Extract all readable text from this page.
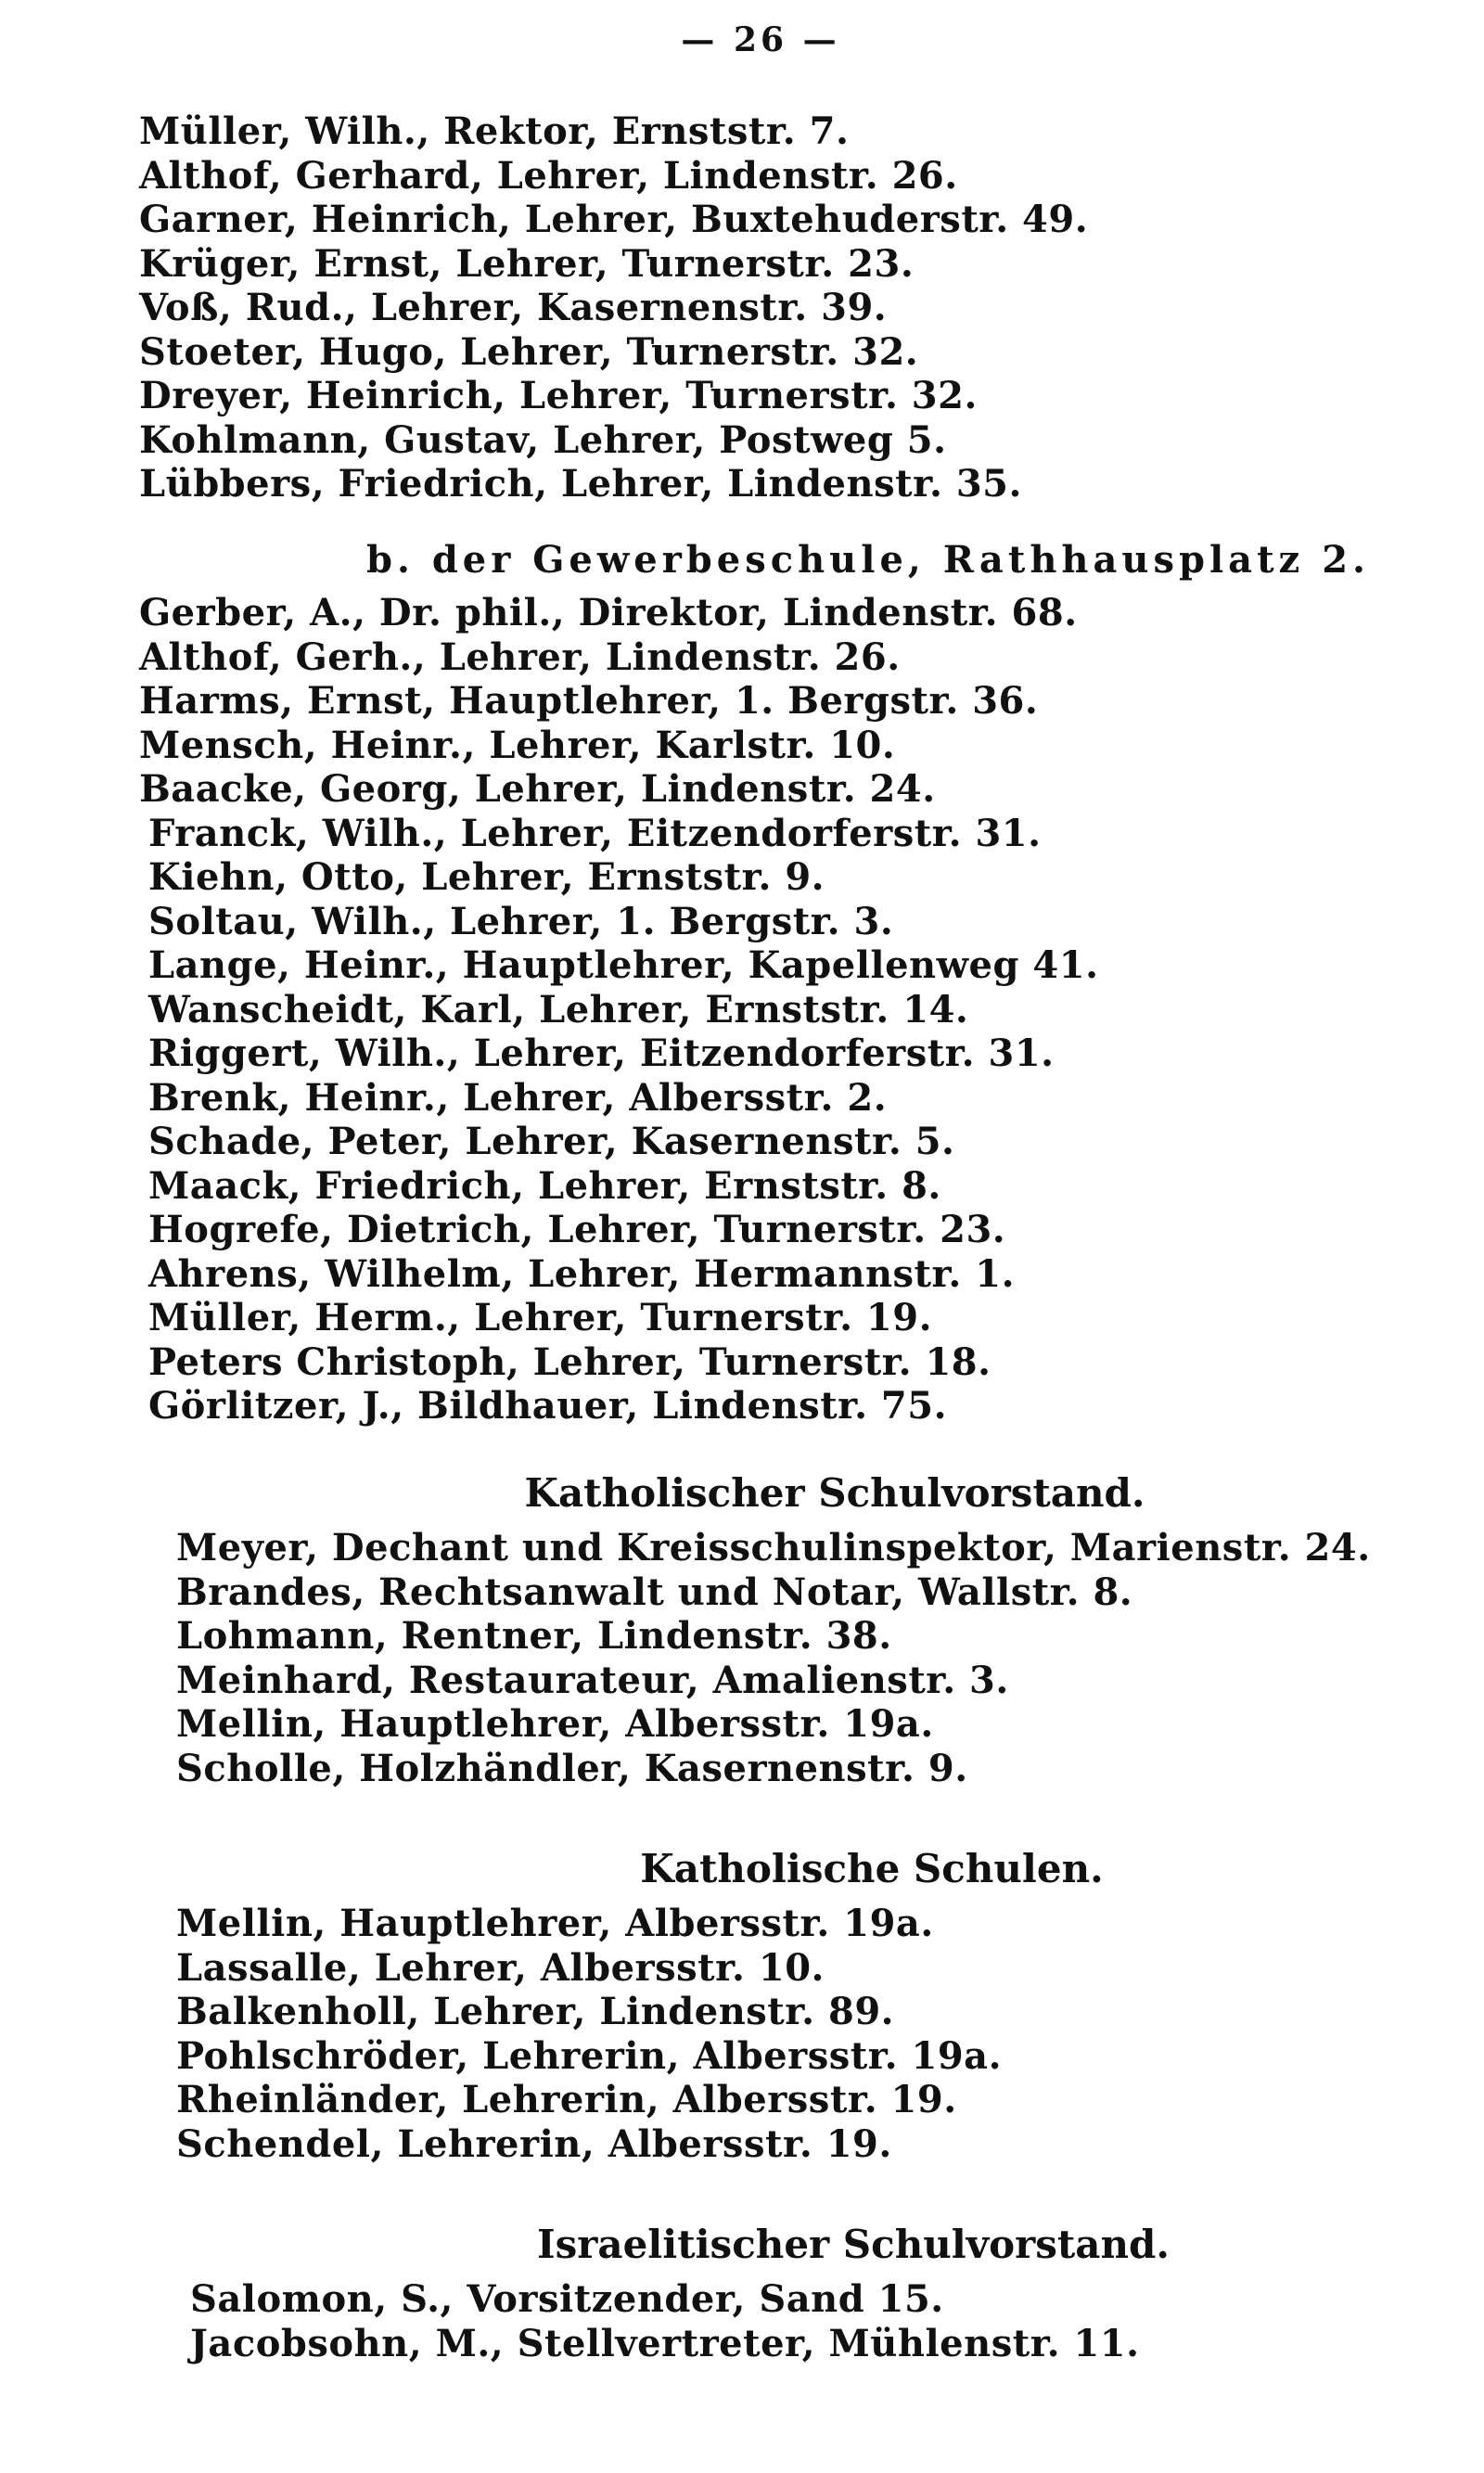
— 26 —
Müller, Wilh., Rektor, Ernststr. 7.
Althof, Gerhard, Lehrer, Lindenstr. 26.
Garner, Heinrich, Lehrer, Buxtehuderstr. 49.
Krüger, Ernst, Lehrer, Turnerstr. 23.
Voß, Rud., Lehrer, Kasernenstr. 39.
Stoeter, Hugo, Lehrer, Turnerstr. 32.
Dreyer, Heinrich, Lehrer, Turnerstr. 32.
Kohlmann, Gustav, Lehrer, Postweg 5.
Lübbers, Friedrich, Lehrer, Lindenstr. 35.
b. der Gewerbeschule, Rathhausplatz 2.
Gerber, A., Dr. phil., Direktor, Lindenstr. 68.
Althof, Gerh., Lehrer, Lindenstr. 26.
Harms, Ernst, Hauptlehrer, 1. Bergstr. 36.
Mensch, Heinr., Lehrer, Karlstr. 10.
Baacke, Georg, Lehrer, Lindenstr. 24.
Franck, Wilh., Lehrer, Eitzendorferstr. 31.
Kiehn, Otto, Lehrer, Ernststr. 9.
Soltau, Wilh., Lehrer, 1. Bergstr. 3.
Lange, Heinr., Hauptlehrer, Kapellenweg 41.
Wanscheidt, Karl, Lehrer, Ernststr. 14.
Riggert, Wilh., Lehrer, Eitzendorferstr. 31.
Brenk, Heinr., Lehrer, Albersstr. 2.
Schade, Peter, Lehrer, Kasernenstr. 5.
Maack, Friedrich, Lehrer, Ernststr. 8.
Hogrefe, Dietrich, Lehrer, Turnerstr. 23.
Ahrens, Wilhelm, Lehrer, Hermannstr. 1.
Müller, Herm., Lehrer, Turnerstr. 19.
Peters Christoph, Lehrer, Turnerstr. 18.
Görlitzer, J., Bildhauer, Lindenstr. 75.
Katholischer Schulvorstand.
Meyer, Dechant und Kreisschulinspektor, Marienstr. 24.
Brandes, Rechtsanwalt und Notar, Wallstr. 8.
Lohmann, Rentner, Lindenstr. 38.
Meinhard, Restaurateur, Amalienstr. 3.
Mellin, Hauptlehrer, Albersstr. 19a.
Scholle, Holzhändler, Kasernenstr. 9.
Katholische Schulen.
Mellin, Hauptlehrer, Albersstr. 19a.
Lassalle, Lehrer, Albersstr. 10.
Balkenholl, Lehrer, Lindenstr. 89.
Pohlschröder, Lehrerin, Albersstr. 19a.
Rheinländer, Lehrerin, Albersstr. 19.
Schendel, Lehrerin, Albersstr. 19.
Israelitischer Schulvorstand.
Salomon, S., Vorsitzender, Sand 15.
Jacobsohn, M., Stellvertreter, Mühlenstr. 11.
